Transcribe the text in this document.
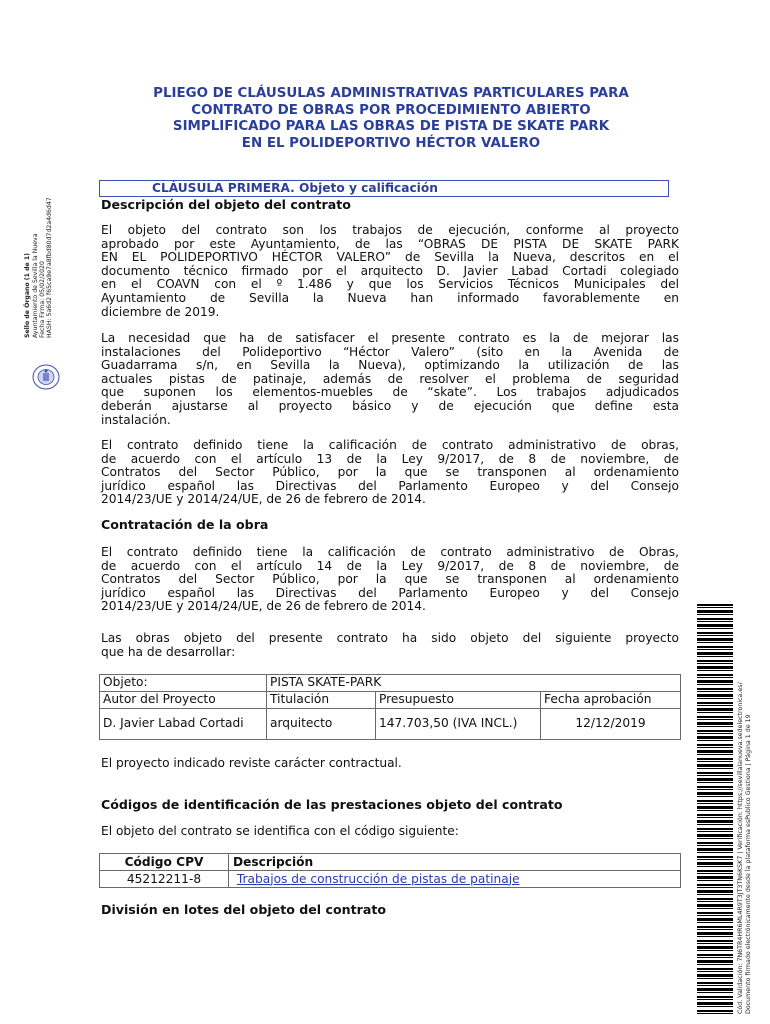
PLIEGO DE CLÁUSULAS ADMINISTRATIVAS PARTICULARES PARA
CONTRATO DE OBRAS POR PROCEDIMIENTO ABIERTO
SIMPLIFICADO PARA LAS OBRAS DE PISTA DE SKATE PARK
EN EL POLIDEPORTIVO HÉCTOR VALERO
CLÁUSULA PRIMERA. Objeto y calificación
Descripción del objeto del contrato
El objeto del contrato son los trabajos de ejecución, conforme al proyecto
aprobado por este Ayuntamiento, de las “OBRAS DE PISTA DE SKATE PARK
EN EL POLIDEPORTIVO HÉCTOR VALERO” de Sevilla la Nueva, descritos en el
documento técnico firmado por el arquitecto D. Javier Labad Cortadi colegiado
en el COAVN con el º 1.486 y que los Servicios Técnicos Municipales del
Ayuntamiento de Sevilla la Nueva han informado favorablemente en
diciembre de 2019.
La necesidad que ha de satisfacer el presente contrato es la de mejorar las
instalaciones del Polideportivo “Héctor Valero” (sito en la Avenida de
Guadarrama s/n, en Sevilla la Nueva), optimizando la utilización de las
actuales pistas de patinaje, además de resolver el problema de seguridad
que suponen los elementos-muebles de “skate”. Los trabajos adjudicados
deberán ajustarse al proyecto básico y de ejecución que define esta
instalación.
El contrato definido tiene la calificación de contrato administrativo de obras,
de acuerdo con el artículo 13 de la Ley 9/2017, de 8 de noviembre, de
Contratos del Sector Público, por la que se transponen al ordenamiento
jurídico español las Directivas del Parlamento Europeo y del Consejo
2014/23/UE y 2014/24/UE, de 26 de febrero de 2014.
Contratación de la obra
El contrato definido tiene la calificación de contrato administrativo de Obras,
de acuerdo con el artículo 14 de la Ley 9/2017, de 8 de noviembre, de
Contratos del Sector Público, por la que se transponen al ordenamiento
jurídico español las Directivas del Parlamento Europeo y del Consejo
2014/23/UE y 2014/24/UE, de 26 de febrero de 2014.
Las obras objeto del presente contrato ha sido objeto del siguiente proyecto
que ha de desarrollar:
Objeto:	PISTA SKATE-PARK		
Autor del Proyecto	Titulación	Presupuesto	Fecha aprobación
D. Javier Labad Cortadi	arquitecto	147.703,50 (IVA INCL.)	12/12/2019
El proyecto indicado reviste carácter contractual.
Códigos de identificación de las prestaciones objeto del contrato
El objeto del contrato se identifica con el código siguiente:
Código CPV	Descripción
45212211-8	Trabajos de construcción de pistas de patinaje
División en lotes del objeto del contrato
Sello de Órgano (1 de 1) Ayuntamiento de Sevilla la Nueva Fecha Firma: 05/02/2020 HASH: 5a6d2 f65ca9e7a8fbd80d7d2a4d6d47
Cód. Validación: 7N6TR4HR6ML4R9T3JT3TN6KSK7 | Verificación: https://sevillalanueva.sedelectronica.es/ Documento firmado electrónicamente desde la plataforma esPublico Gestiona | Página 1 de 19
